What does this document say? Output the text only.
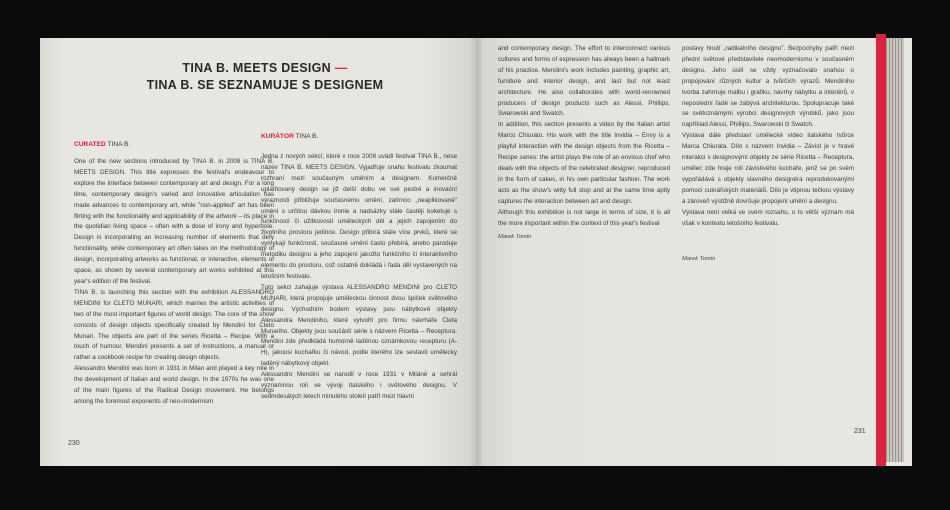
TINA B. MEETS DESIGN —
TINA B. SE SEZNAMUJE S DESIGNEM
CURATED TINA B.

One of the new sections introduced by TINA B. in 2008 is TINA B. MEETS DESIGN. This title expresses the festival's endeavour to explore the interface between contemporary art and design. For a long time, contemporary design's varied and innovative articulation has made advances to contemporary art, while "non-applied" art has been flirting with the functionality and applicability of the artwork – its place in the quotidian living space – often with a dose of irony and hyperbole. Design is incorporating an increasing number of elements that defy functionality, while contemporary art often takes on the methodology of design, incorporating artworks as functional, or interactive, elements of space, as shown by several contemporary art works exhibited at this year's edition of the festival.

TINA B. is launching this section with the exhibition ALESSANDRO MENDINI for CLETO MUNARI, which marries the artistic activities of two of the most important figures of world design. The core of the show consists of design objects specifically created by Mendini for Cleto Munari. The objects are part of the series Ricetta – Recipe. With a touch of humour, Mendini presents a set of instructions, a manual or rather a cookbook recipe for creating design objects.

Alessandro Mendini was born in 1931 in Milan and played a key role in the development of Italian and world design. In the 1970s he was one of the main figures of the Radical Design movement. He belongs among the foremost exponents of neo-modernism

KURÁTOR TINA B.

Jedna z nových sekcí, které v roce 2008 uvádí festival TINA B., nese název TINA B. MEETS DESIGN. Vyjadřuje snahu festivalu zkoumat rozhraní mezi současným uměním a designem. Komerčně uplatňovaný design se již delší dobu ve své pestré a inovační výraznosti přibližuje současnému umění, zatímco „neaplikované" umění s určitou dávkou ironie a nadsázky stále častěji koketuje s funkčností či užitkovostí uměleckých děl a jejich zapojením do životního prostoru jedince. Design přibírá stále více prvků, které se vymykají funkčnosti, současné umění často přebírá, anebo paroduje metodiku designu a jeho zapojení jakožto funkčního či interaktivního elementu do prostoru, což ostatně dokládá i řada děl vystavených na letošním festivalu.

Tuto sekci zahajuje výstava ALESSANDRO MENDINI pro CLETO MUNARI, která propojuje uměleckou činnost dvou špiček světového designu. Východním bodem výstavy jsou nábytkové objekty Alessandra Mendiniho, které vytvořil pro firmu návrháře Cleta Munariho. Objekty jsou součástí série s názvem Ricetta – Receptura. Mendini zde předkládá humorně laděnou oznámkovou recepturu (A-H), jakousi kuchařku či návod, podle kterého lze sestavit umělecky laděný nábytkový objekt.

Alessandro Mendini se narodil v roce 1931 v Miláně a sehrál významnou roli ve vývoji italského i světového designu. V sedmdesátých letech minulého století patří mezi hlavní

230

and contemporary design. The effort to interconnect various cultures and forms of expression has always been a hallmark of his practice. Mendini's work includes painting, graphic art, furniture and interior design, and last but not least architecture. He also collaborates with world-renowned producers of design products such as Alessi, Phillips, Swarowski and Swatch.

In addition, this section presents a video by the Italian artist Marco Chiurato. His work with the title Invidia – Envy is a playful interaction with the design objects from the Ricetta – Recipe series: the artist plays the role of an envious chef who deals with the objects of the celebrated designer, reproduced in the form of cakes, in his own particular fashion. The work acts as the show's witty full stop and at the same time aptly captures the interaction between art and design.

Although this exhibition is not large in terms of size, it is all the more important within the context of this year's festival

Marek Tomin

postavy hnutí „radikálního designu". Bezpochyby patří mezi přední světové představitele neomodernismu v současném designu. Jeho úsilí se vždy vyznačovalo snahou o propojování různých kultur a tvůrčích výrazů. Mendiniho tvorba zahrnuje malbu i grafiku, návrhy nábytku a interiérů, v neposlední řadě se zabývá architekturou. Spolupracuje také se světoznámými výrobci designových výrobků, jako jsou například Alessi, Phillips, Swarowski či Swatch.

Výstava dále představí umělecké video italského tvůrce Marca Chiurata. Dílo s názvem Invidia – Závist je v hravé interakci s designovými objekty ze série Ricetta – Receptura, umělec zde hraje roli závistivého kuchaře, jenž se po svém vypořádává s objekty slavného designéra reprodukovanými pomocí cukrářských materiálů. Dílo je vtipnou tečkou výstavy a zároveň výstižně dovršuje propojení umění a designu.

Výstava není velká ve svém rozsahu, o to větší význam má však v kontextu letošního festivalu.

Marek Tomin
231
